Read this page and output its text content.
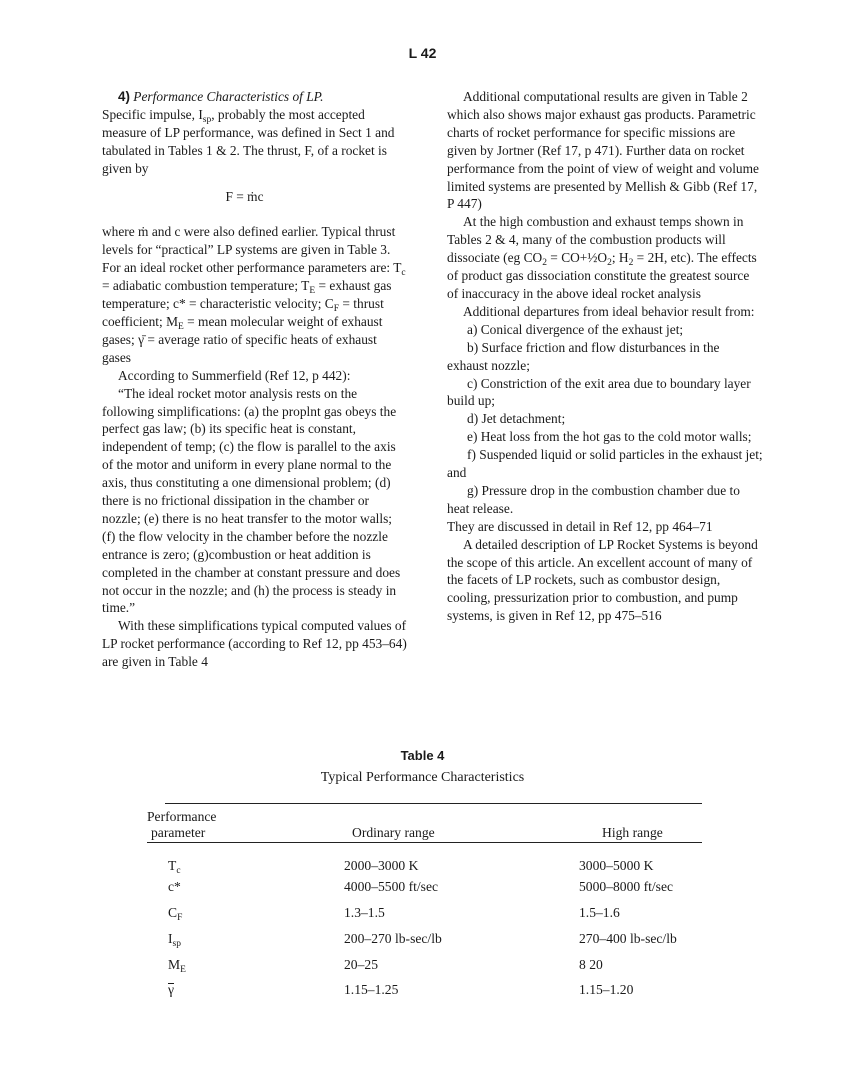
L 42

4) Performance Characteristics of LP.

Specific impulse, $I_{sp}$, probably the most accepted measure of LP performance, was defined in Sect 1 and tabulated in Tables 1 & 2. The thrust, F, of a rocket is given by

F = ṁc

where ṁ and c were also defined earlier. Typical thrust levels for “practical” LP systems are given in Table 3. For an ideal rocket other performance parameters are: $T_c$ = adiabatic combustion temperature; $T_E$ = exhaust gas temperature; c* = characteristic velocity; $C_F$ = thrust coefficient; $M_E$ = mean molecular weight of exhaust gases; γ̄ = average ratio of specific heats of exhaust gases

According to Summerfield (Ref 12, p 442):

“The ideal rocket motor analysis rests on the following simplifications: (a) the proplnt gas obeys the perfect gas law; (b) its specific heat is constant, independent of temp; (c) the flow is parallel to the axis of the motor and uniform in every plane normal to the axis, thus constituting a one dimensional problem; (d) there is no frictional dissipation in the chamber or nozzle; (e) there is no heat transfer to the motor walls; (f) the flow velocity in the chamber before the nozzle entrance is zero; (g)combustion or heat addition is completed in the chamber at constant pressure and does not occur in the nozzle; and (h) the process is steady in time.”

With these simplifications typical computed values of LP rocket performance (according to Ref 12, pp 453–64) are given in Table 4

Additional computational results are given in Table 2 which also shows major exhaust gas products. Parametric charts of rocket performance for specific missions are given by Jortner (Ref 17, p 471). Further data on rocket performance from the point of view of weight and volume limited systems are presented by Mellish & Gibb (Ref 17, P 447)

At the high combustion and exhaust temps shown in Tables 2 & 4, many of the combustion products will dissociate (eg $CO_2$ = $CO+\frac{1}{2}O_2$; $H_2 = 2H$, etc). The effects of product gas dissociation constitute the greatest source of inaccuracy in the above ideal rocket analysis

Additional departures from ideal behavior result from:

a) Conical divergence of the exhaust jet;

b) Surface friction and flow disturbances in the exhaust nozzle;

c) Constriction of the exit area due to boundary layer build up;

d) Jet detachment;

e) Heat loss from the hot gas to the cold motor walls;

f) Suspended liquid or solid particles in the exhaust jet; and

g) Pressure drop in the combustion chamber due to heat release.

They are discussed in detail in Ref 12, pp 464–71

A detailed description of LP Rocket Systems is beyond the scope of this article. An excellent account of many of the facets of LP rockets, such as combustor design, cooling, pressurization prior to combustion, and pump systems, is given in Ref 12, pp 475–516

Table 4
Typical Performance Characteristics
Performance
parameter	Ordinary range	High range
$T_c$	2000–3000 K	3000–5000 K
c*	4000–5500 ft/sec	5000–8000 ft/sec
$C_F$	1.3–1.5	1.5–1.6
$I_{sp}$	200–270 lb-sec/lb	270–400 lb-sec/lb
$M_E$	20–25	8 20
γ	1.15–1.25	1.15–1.20
